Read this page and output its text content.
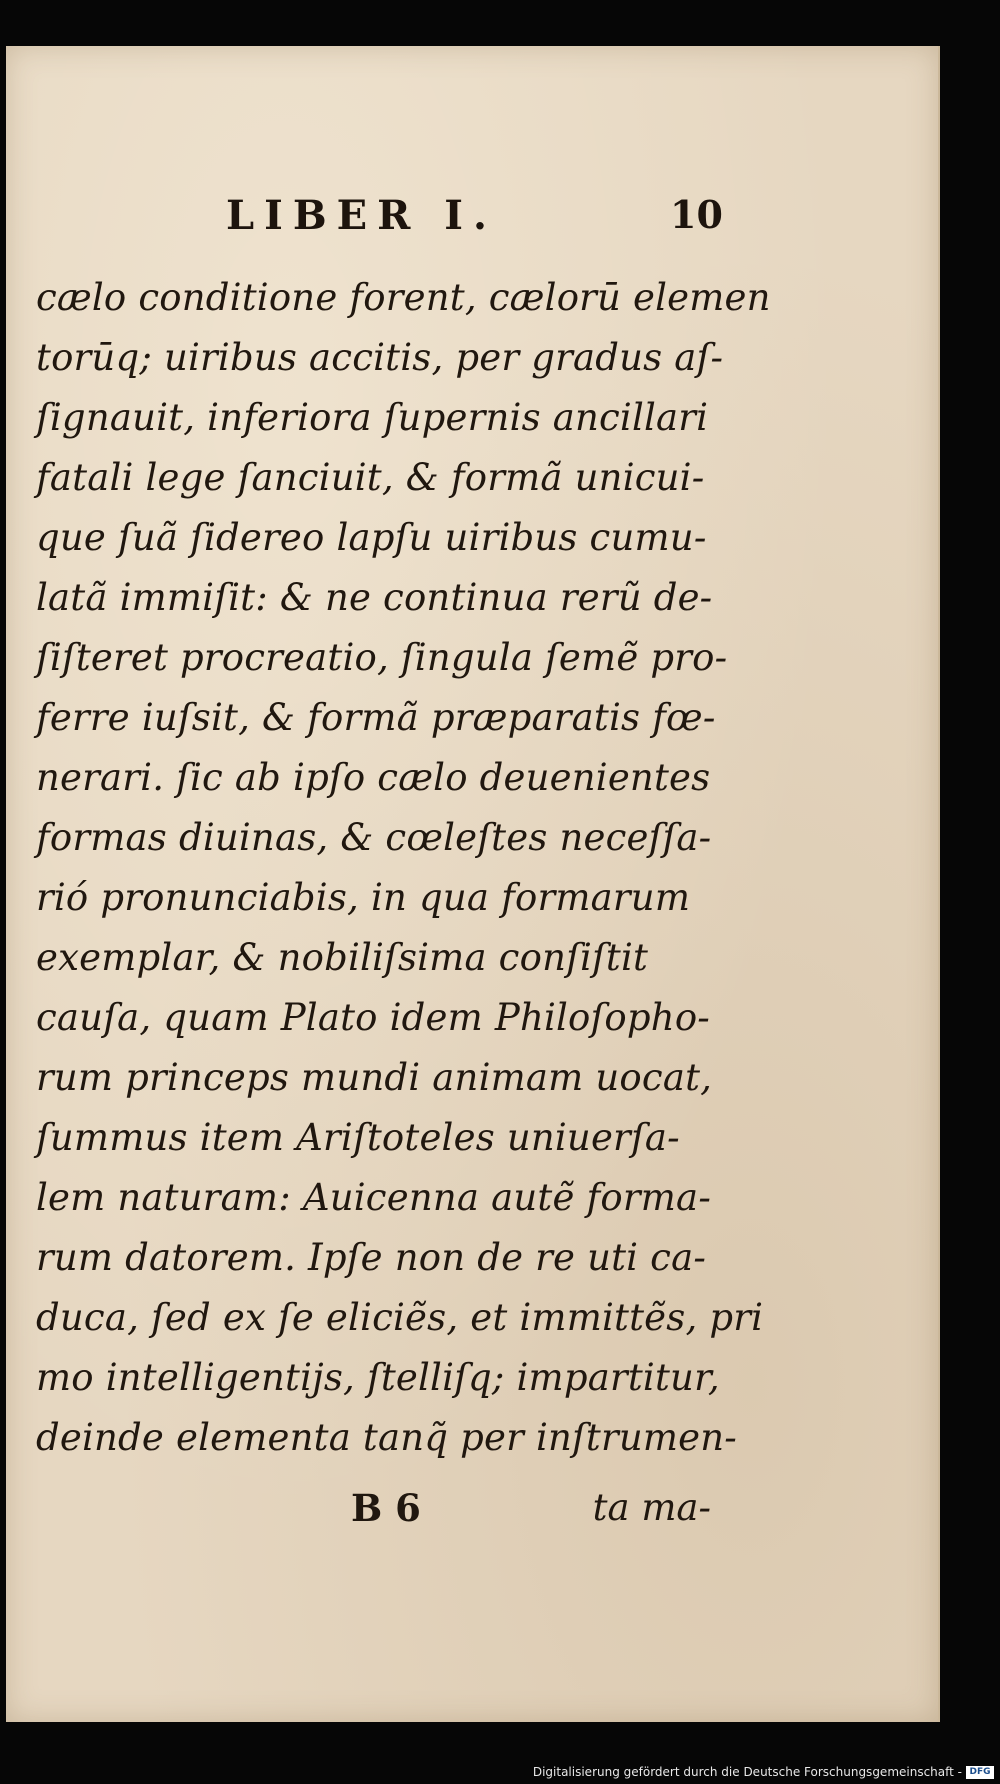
LIBER I.	10
cælo conditione forent, cælorū elemen
torūq; uiribus accitis, per gradus aſ-
ſignauit, inferiora ſupernis ancillari
fatali lege ſanciuit, & formã unicui-
que ſuã ſidereo lapſu uiribus cumu-
latã immiſit: & ne continua rerũ de-
ſiſteret procreatio, ſingula ſemẽ pro-
ferre iuſsit, & formã præparatis fœ-
nerari. ſic ab ipſo cælo deuenientes
formas diuinas, & cœleſtes neceſſa-
rió pronunciabis, in qua formarum
exemplar, & nobiliſsima conſiſtit
cauſa, quam Plato idem Philoſopho-
rum princeps mundi animam uocat,
ſummus item Ariſtoteles uniuerſa-
lem naturam: Auicenna autẽ forma-
rum datorem. Ipſe non de re uti ca-
duca, ſed ex ſe eliciẽs, et immittẽs, pri
mo intelligentijs, ſtelliſq; impartitur,
deinde elementa tanq̃ per inſtrumen-
B 6	ta ma-
Digitalisierung gefördert durch die Deutsche Forschungsgemeinschaft - DFG
